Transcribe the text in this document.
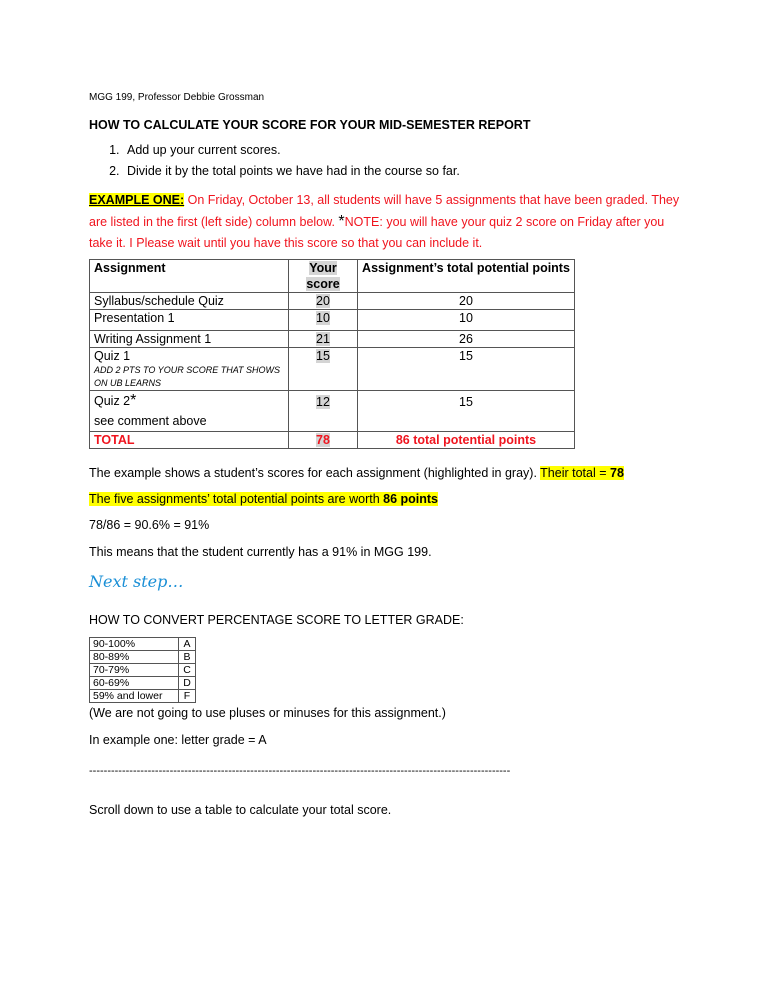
MGG 199, Professor Debbie Grossman
HOW TO CALCULATE YOUR SCORE FOR YOUR MID-SEMESTER REPORT
1. Add up your current scores.
2. Divide it by the total points we have had in the course so far.
EXAMPLE ONE: On Friday, October 13, all students will have 5 assignments that have been graded. They are listed in the first (left side) column below. *NOTE: you will have your quiz 2 score on Friday after you take it. I Please wait until you have this score so that you can include it.
Assignment	Your score	Assignment’s total potential points
Syllabus/schedule Quiz	20	20
Presentation 1	10	10
Writing Assignment 1	21	26
Quiz 1
ADD 2 PTS TO YOUR SCORE THAT SHOWS ON UB LEARNS	15	15
Quiz 2*
see comment above	12	15
TOTAL	78	86 total potential points
The example shows a student’s scores for each assignment (highlighted in gray). Their total = 78
The five assignments’ total potential points are worth 86 points
78/86 = 90.6% = 91%
This means that the student currently has a 91% in MGG 199.
Next step…
HOW TO CONVERT PERCENTAGE SCORE TO LETTER GRADE:
90-100%	A
80-89%	B
70-79%	C
60-69%	D
59% and lower	F
(We are not going to use pluses or minuses for this assignment.)
In example one: letter grade = A
-------------------------------------------------------------------------------------------------------------------
Scroll down to use a table to calculate your total score.
